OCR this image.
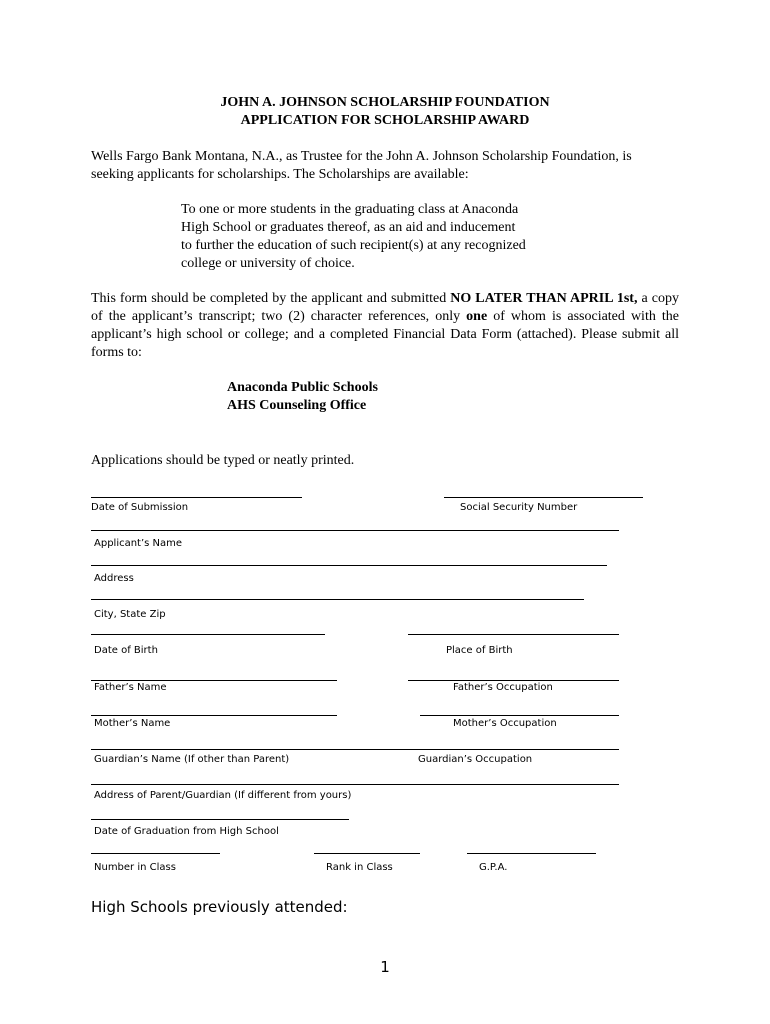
JOHN A. JOHNSON SCHOLARSHIP FOUNDATION
APPLICATION FOR SCHOLARSHIP AWARD
Wells Fargo Bank Montana, N.A., as Trustee for the John A. Johnson Scholarship Foundation, is
seeking applicants for scholarships. The Scholarships are available:
To one or more students in the graduating class at Anaconda
High School or graduates thereof, as an aid and inducement
to further the education of such recipient(s) at any recognized
college or university of choice.
This form should be completed by the applicant and submitted NO LATER THAN APRIL 1st, a copy of the applicant’s transcript; two (2) character references, only one of whom is associated with the applicant’s high school or college; and a completed Financial Data Form (attached). Please submit all forms to:
Anaconda Public Schools
AHS Counseling Office
Applications should be typed or neatly printed.
Date of Submission	Social Security Number
Applicant’s Name
Address
City, State Zip
Date of Birth	Place of Birth
Father’s Name	Father’s Occupation
Mother’s Name	Mother’s Occupation
Guardian’s Name (If other than Parent)	Guardian’s Occupation
Address of Parent/Guardian (If different from yours)
Date of Graduation from High School
Number in Class	Rank in Class	G.P.A.
High Schools previously attended:
1
